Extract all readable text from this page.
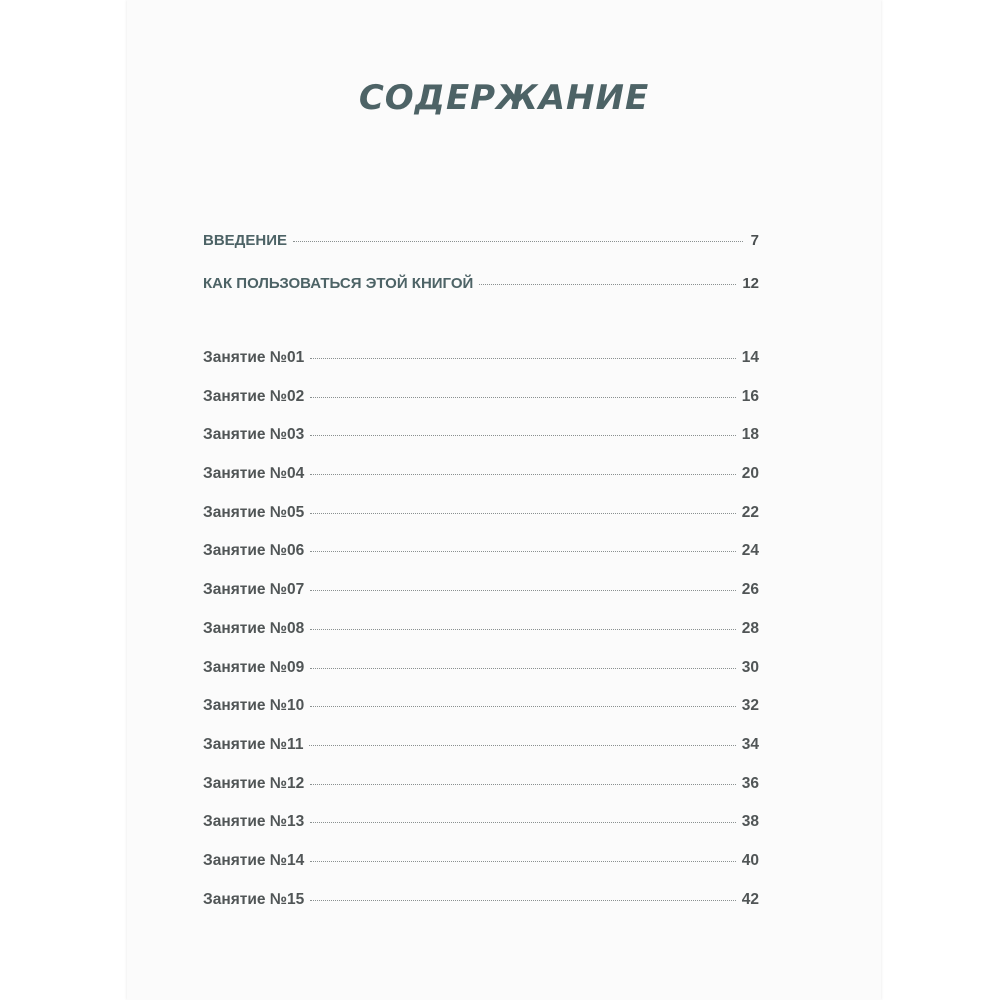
СОДЕРЖАНИЕ
ВВЕДЕНИЕ	7
КАК ПОЛЬЗОВАТЬСЯ ЭТОЙ КНИГОЙ	12
Занятие №01	14
Занятие №02	16
Занятие №03	18
Занятие №04	20
Занятие №05	22
Занятие №06	24
Занятие №07	26
Занятие №08	28
Занятие №09	30
Занятие №10	32
Занятие №11	34
Занятие №12	36
Занятие №13	38
Занятие №14	40
Занятие №15	42
